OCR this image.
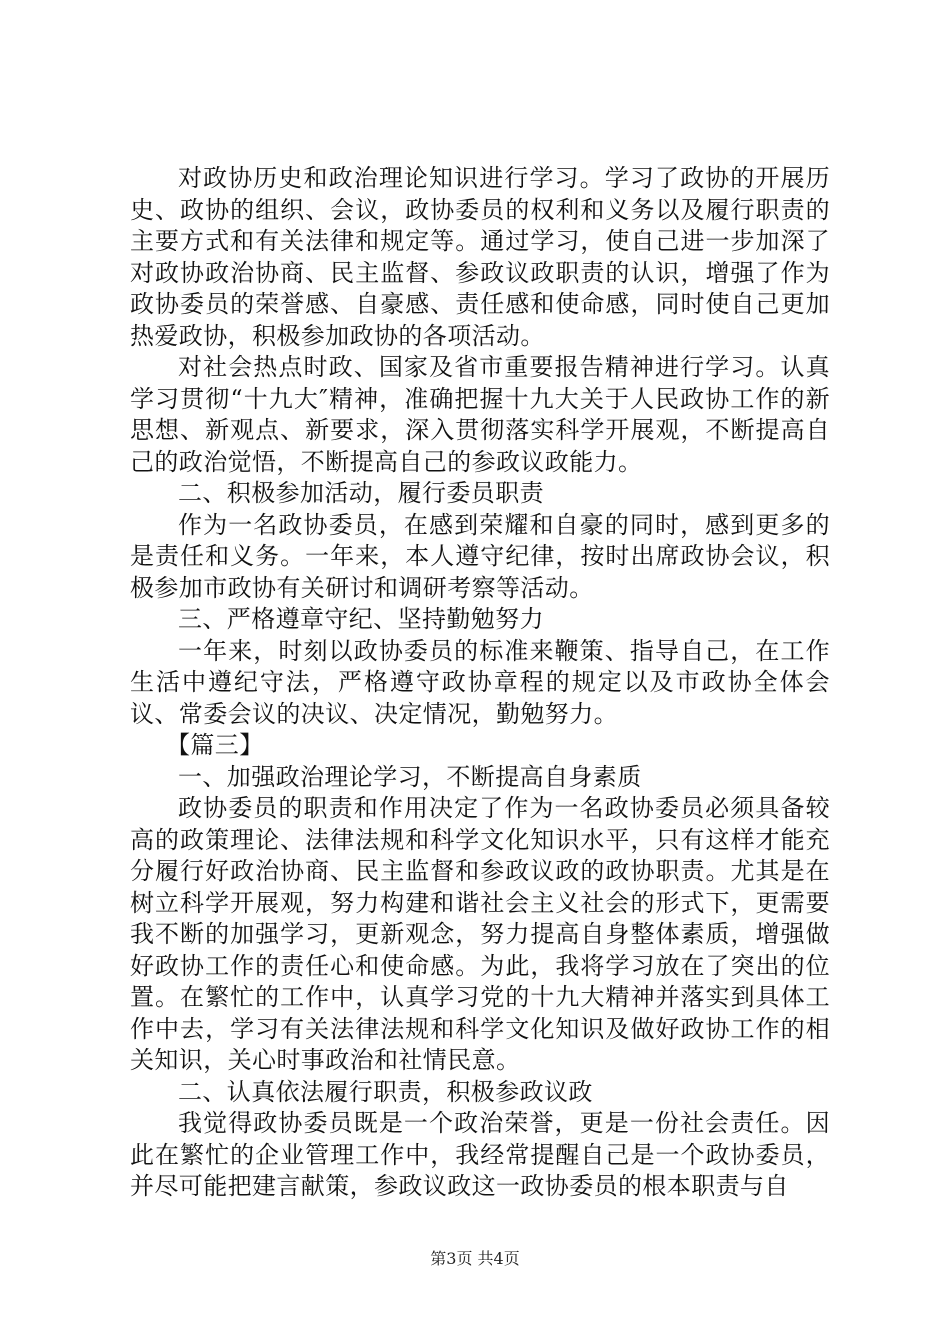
对政协历史和政治理论知识进行学习。学习了政协的开展历史、政协的组织、会议，政协委员的权利和义务以及履行职责的主要方式和有关法律和规定等。通过学习，使自己进一步加深了对政协政治协商、民主监督、参政议政职责的认识，增强了作为政协委员的荣誉感、自豪感、责任感和使命感，同时使自己更加热爱政协，积极参加政协的各项活动。

对社会热点时政、国家及省市重要报告精神进行学习。认真学习贯彻“十九大″精神，准确把握十九大关于人民政协工作的新思想、新观点、新要求，深入贯彻落实科学开展观，不断提高自己的政治觉悟，不断提高自己的参政议政能力。

二、积极参加活动，履行委员职责

作为一名政协委员，在感到荣耀和自豪的同时，感到更多的是责任和义务。一年来，本人遵守纪律，按时出席政协会议，积极参加市政协有关研讨和调研考察等活动。

三、严格遵章守纪、坚持勤勉努力

一年来，时刻以政协委员的标准来鞭策、指导自己，在工作生活中遵纪守法，严格遵守政协章程的规定以及市政协全体会议、常委会议的决议、决定情况，勤勉努力。

【篇三】

一、加强政治理论学习，不断提高自身素质

政协委员的职责和作用决定了作为一名政协委员必须具备较高的政策理论、法律法规和科学文化知识水平，只有这样才能充分履行好政治协商、民主监督和参政议政的政协职责。尤其是在树立科学开展观，努力构建和谐社会主义社会的形式下，更需要我不断的加强学习，更新观念，努力提高自身整体素质，增强做好政协工作的责任心和使命感。为此，我将学习放在了突出的位置。在繁忙的工作中，认真学习党的十九大精神并落实到具体工作中去，学习有关法律法规和科学文化知识及做好政协工作的相关知识，关心时事政治和社情民意。

二、认真依法履行职责，积极参政议政

我觉得政协委员既是一个政治荣誉，更是一份社会责任。因此在繁忙的企业管理工作中，我经常提醒自己是一个政协委员，并尽可能把建言献策，参政议政这一政协委员的根本职责与自

第3页 共4页
